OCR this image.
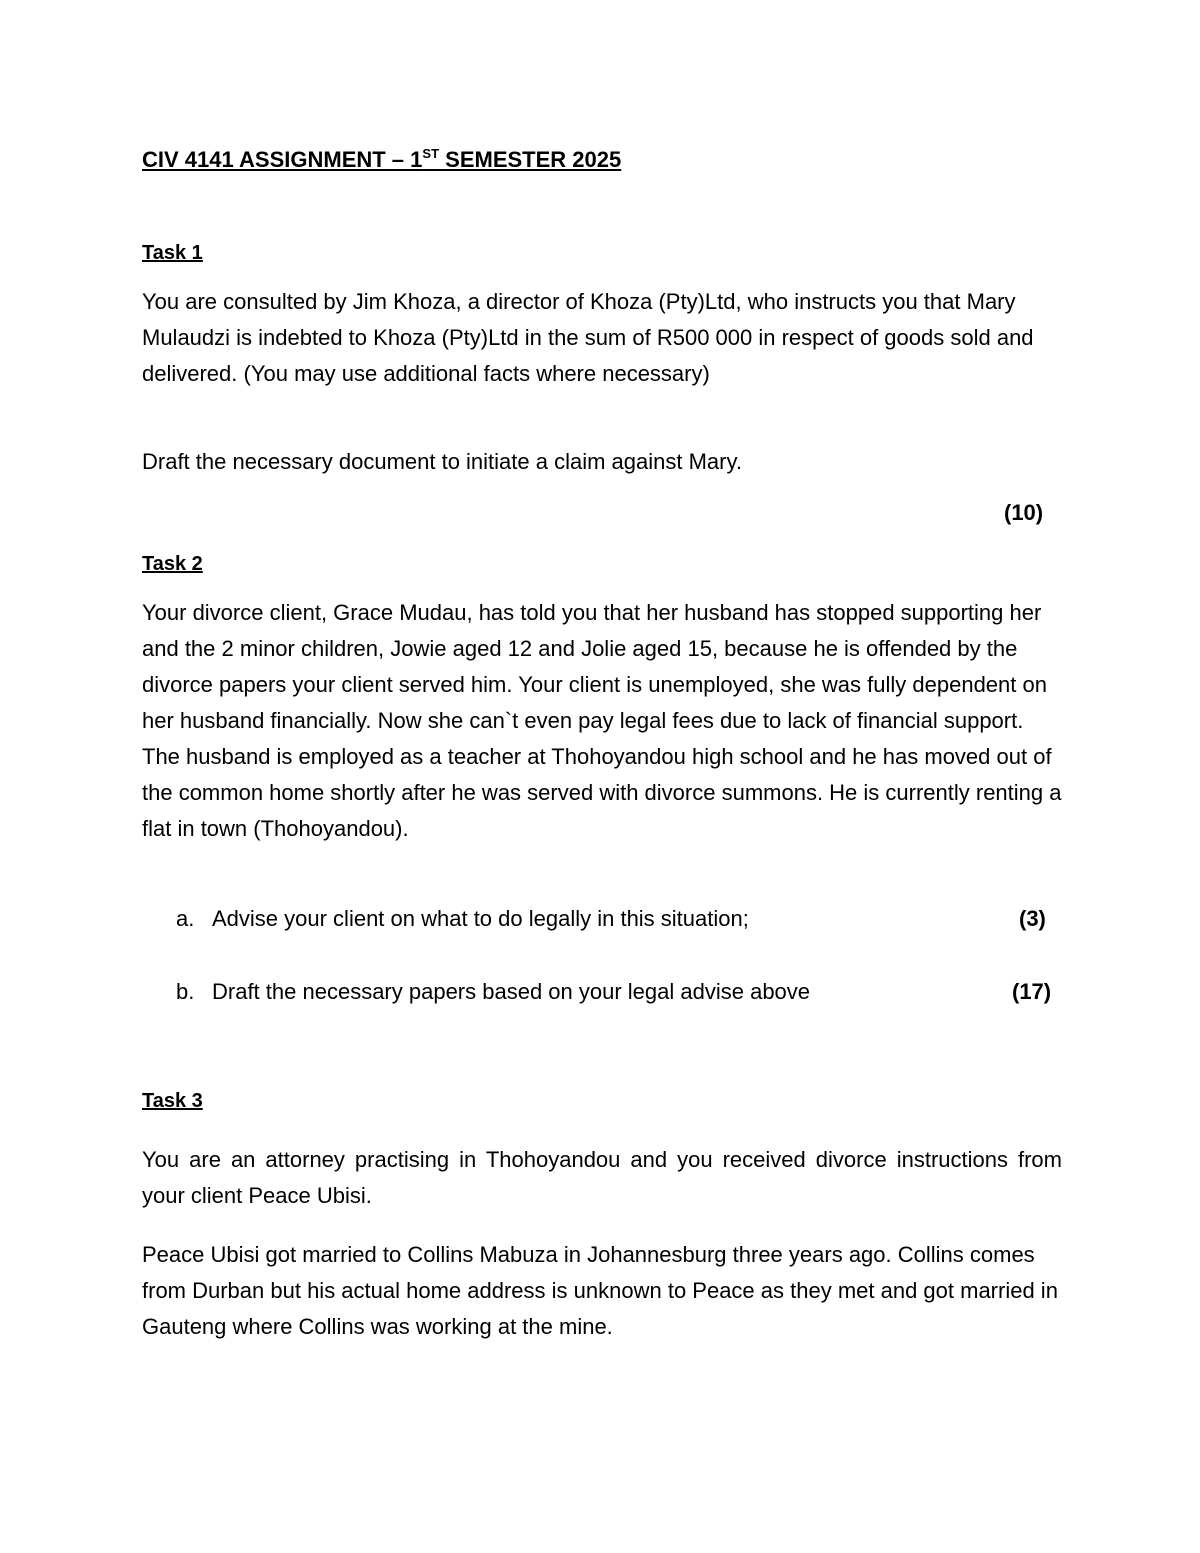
CIV 4141 ASSIGNMENT – 1ST SEMESTER 2025
Task 1

You are consulted by Jim Khoza, a director of Khoza (Pty)Ltd, who instructs you that Mary Mulaudzi is indebted to Khoza (Pty)Ltd in the sum of R500 000 in respect of goods sold and delivered. (You may use additional facts where necessary)

Draft the necessary document to initiate a claim against Mary.

(10)

Task 2

Your divorce client, Grace Mudau, has told you that her husband has stopped supporting her and the 2 minor children, Jowie aged 12 and Jolie aged 15, because he is offended by the divorce papers your client served him. Your client is unemployed, she was fully dependent on her husband financially. Now she can`t even pay legal fees due to lack of financial support. The husband is employed as a teacher at Thohoyandou high school and he has moved out of the common home shortly after he was served with divorce summons. He is currently renting a flat in town (Thohoyandou).

a. Advise your client on what to do legally in this situation;	(3)

b. Draft the necessary papers based on your legal advise above	(17)

Task 3

You are an attorney practising in Thohoyandou and you received divorce instructions from your client Peace Ubisi.

Peace Ubisi got married to Collins Mabuza in Johannesburg three years ago. Collins comes from Durban but his actual home address is unknown to Peace as they met and got married in Gauteng where Collins was working at the mine.
